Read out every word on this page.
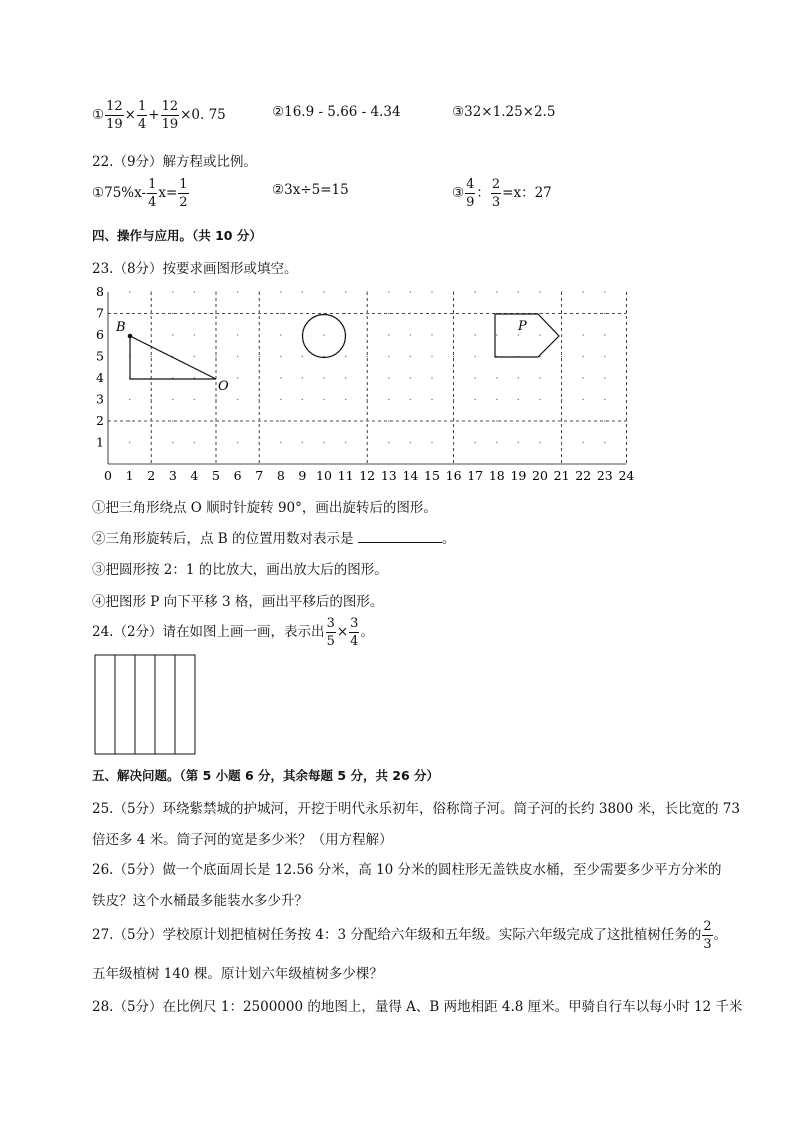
① $\frac{12}{19} \times \frac{1}{4} + \frac{12}{19} \times 0$. 75	②16.9 - 5.66 - 4.34	③32×1.25×2.5
22.（9分）解方程或比例。
①75%x- $\frac{1}{4} x= \frac{1}{2}$	②3x÷5=15	③ $\frac{4}{9}$ ： $\frac{2}{3} =x$：27
四、操作与应用。（共 10 分）
23.（8分）按要求画图形或填空。
8
7
6
5
4
3
2
1
0 1 2 3 4 5 6 7 8 9 10 11 12 13 14 15 16 17 18 19 20 21 22 23 24
B
O
P
①把三角形绕点 O 顺时针旋转 90°，画出旋转后的图形。
②三角形旋转后，点 B 的位置用数对表示是	。
③把圆形按 2：1 的比放大，画出放大后的图形。
④把图形 P 向下平移 3 格，画出平移后的图形。
24.（2分）请在如图上画一画，表示出 $\frac{3}{5} \times \frac{3}{4}$ 。
五、解决问题。（第 5 小题 6 分，其余每题 5 分，共 26 分）
25.（5分）环绕紫禁城的护城河，开挖于明代永乐初年，俗称筒子河。筒子河的长约 3800 米，长比宽的 73
倍还多 4 米。筒子河的宽是多少米？（用方程解）
26.（5分）做一个底面周长是 12.56 分米，高 10 分米的圆柱形无盖铁皮水桶，至少需要多少平方分米的
铁皮？这个水桶最多能装水多少升？
27.（5分）学校原计划把植树任务按 4：3 分配给六年级和五年级。实际六年级完成了这批植树任务的 $\frac{2}{3}$ 。
五年级植树 140 棵。原计划六年级植树多少棵？
28.（5分）在比例尺 1：2500000 的地图上，量得 A、B 两地相距 4.8 厘米。甲骑自行车以每小时 12 千米
